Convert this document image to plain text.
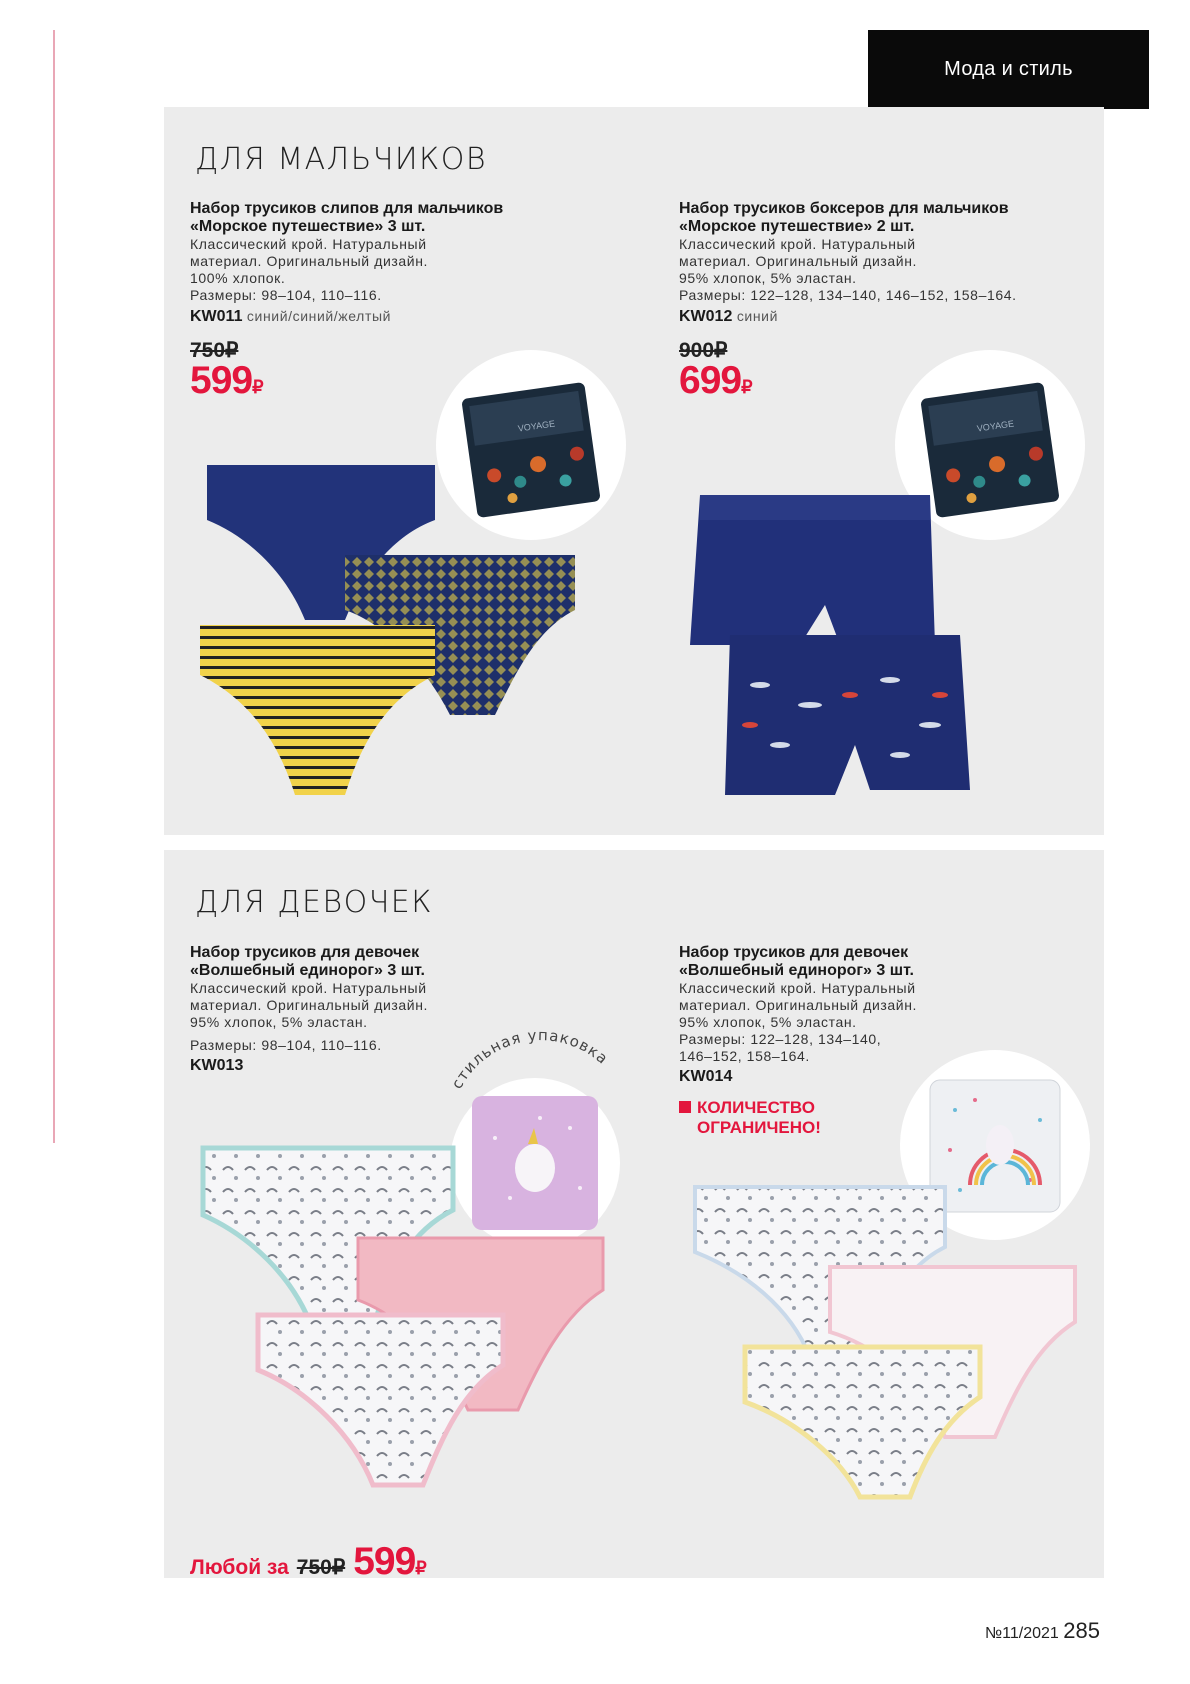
Мода и стиль
ДЛЯ МАЛЬЧИКОВ
Набор трусиков слипов для мальчиков
«Морское путешествие» 3 шт.
Классический крой. Натуральный
материал. Оригинальный дизайн.
100% хлопок.
Размеры: 98–104, 110–116.
KW011 синий/синий/желтый
750₽
599₽
Набор трусиков боксеров для мальчиков
«Морское путешествие» 2 шт.
Классический крой. Натуральный
материал. Оригинальный дизайн.
95% хлопок, 5% эластан.
Размеры: 122–128, 134–140, 146–152, 158–164.
KW012 синий
900₽
699₽
VOYAGE	VOYAGE
ДЛЯ ДЕВОЧЕК
Набор трусиков для девочек
«Волшебный единорог» 3 шт.
Классический крой. Натуральный
материал. Оригинальный дизайн.
95% хлопок, 5% эластан.
Размеры: 98–104, 110–116.
KW013
Набор трусиков для девочек
«Волшебный единорог» 3 шт.
Классический крой. Натуральный
материал. Оригинальный дизайн.
95% хлопок, 5% эластан.
Размеры: 122–128, 134–140,
146–152, 158–164.
KW014
КОЛИЧЕСТВО
ОГРАНИЧЕНО!
стильная упаковка
Любой за 750₽ 599₽
№11/2021 285
